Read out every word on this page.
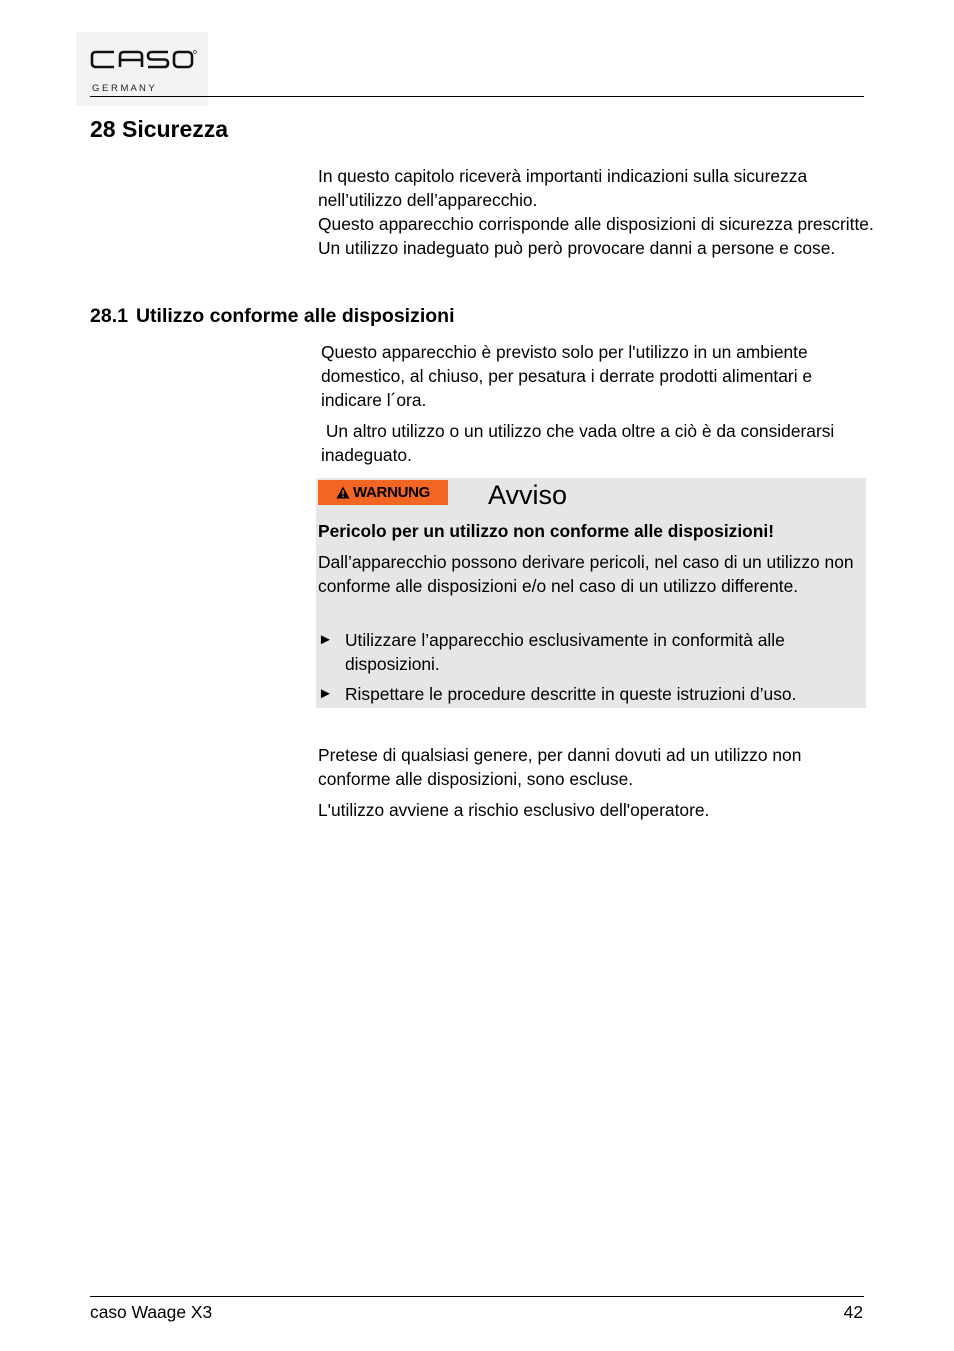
G E R M A N Y
28 Sicurezza

In questo capitolo riceverà importanti indicazioni sulla sicurezza nell’utilizzo dell’apparecchio.

Questo apparecchio corrisponde alle disposizioni di sicurezza prescritte. Un utilizzo inadeguato può però provocare danni a persone e cose.

28.1 Utilizzo conforme alle disposizioni

Questo apparecchio è previsto solo per l'utilizzo in un ambiente domestico, al chiuso, per pesatura i derrate prodotti alimentari e indicare l´ora.

Un altro utilizzo o un utilizzo che vada oltre a ciò è da considerarsi inadeguato.

WARNUNG Avviso

Pericolo per un utilizzo non conforme alle disposizioni!

Dall’apparecchio possono derivare pericoli, nel caso di un utilizzo non conforme alle disposizioni e/o nel caso di un utilizzo differente.

► Utilizzare l’apparecchio esclusivamente in conformità alle disposizioni.
► Rispettare le procedure descritte in queste istruzioni d’uso.

Pretese di qualsiasi genere, per danni dovuti ad un utilizzo non conforme alle disposizioni, sono escluse.

L'utilizzo avviene a rischio esclusivo dell'operatore.

caso Waage X3	42
